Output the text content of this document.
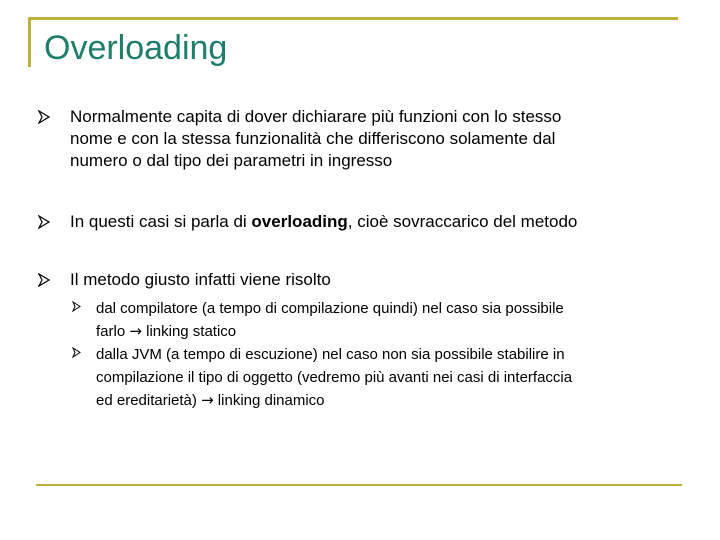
Overloading
Normalmente capita di dover dichiarare più funzioni con lo stesso
nome e con la stessa funzionalità che differiscono solamente dal
numero o dal tipo dei parametri in ingresso
In questi casi si parla di overloading, cioè sovraccarico del metodo
Il metodo giusto infatti viene risolto
dal compilatore (a tempo di compilazione quindi) nel caso sia possibile
farlo → linking statico
dalla JVM (a tempo di escuzione) nel caso non sia possibile stabilire in
compilazione il tipo di oggetto (vedremo più avanti nei casi di interfaccia
ed ereditarietà) → linking dinamico
